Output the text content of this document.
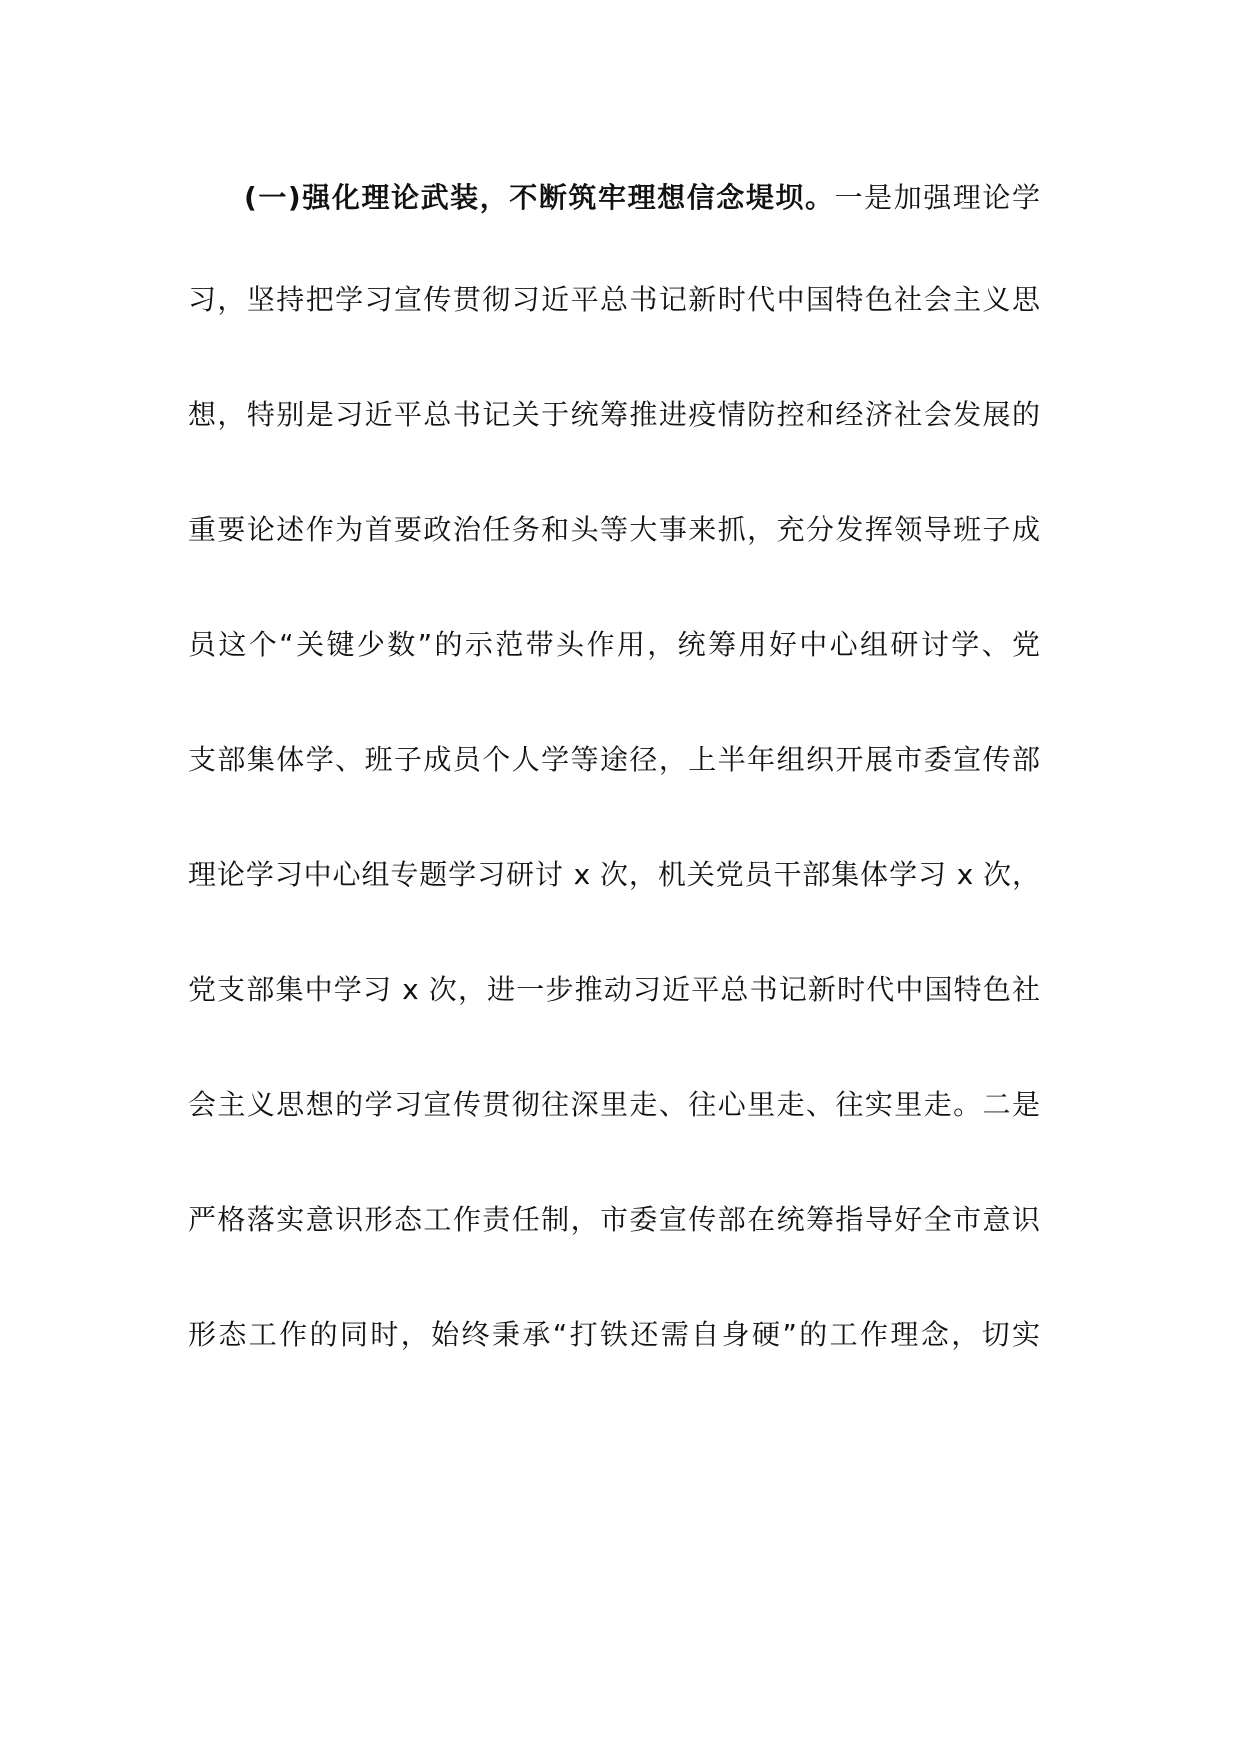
(一)强化理论武装，不断筑牢理想信念堤坝。一是加强理论学
习，坚持把学习宣传贯彻习近平总书记新时代中国特色社会主义思
想，特别是习近平总书记关于统筹推进疫情防控和经济社会发展的
重要论述作为首要政治任务和头等大事来抓，充分发挥领导班子成
员这个“关键少数”的示范带头作用，统筹用好中心组研讨学、党
支部集体学、班子成员个人学等途径，上半年组织开展市委宣传部
理论学习中心组专题学习研讨 x 次，机关党员干部集体学习 x 次，
党支部集中学习 x 次，进一步推动习近平总书记新时代中国特色社
会主义思想的学习宣传贯彻往深里走、往心里走、往实里走。二是
严格落实意识形态工作责任制，市委宣传部在统筹指导好全市意识
形态工作的同时，始终秉承“打铁还需自身硬”的工作理念，切实
